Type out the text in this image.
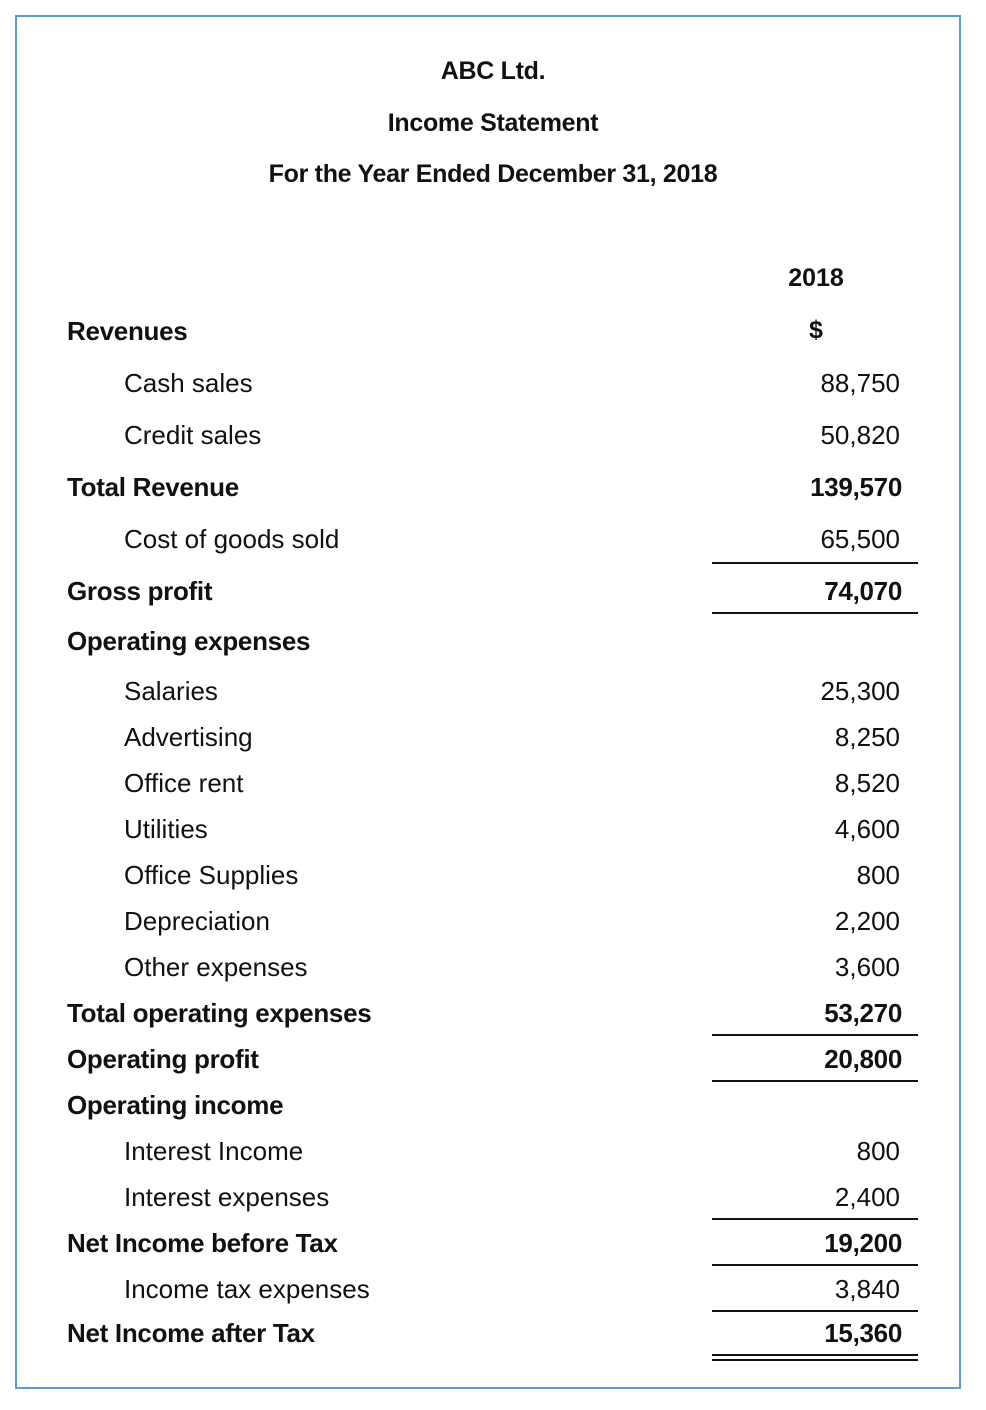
ABC Ltd.
Income Statement
For the Year Ended December 31, 2018
2018
$
Revenues
Cash sales	88,750
Credit sales	50,820
Total Revenue	139,570
Cost of goods sold	65,500
Gross profit	74,070
Operating expenses
Salaries	25,300
Advertising	8,250
Office rent	8,520
Utilities	4,600
Office Supplies	800
Depreciation	2,200
Other expenses	3,600
Total operating expenses	53,270
Operating profit	20,800
Operating income
Interest Income	800
Interest expenses	2,400
Net Income before Tax	19,200
Income tax expenses	3,840
Net Income after Tax	15,360
